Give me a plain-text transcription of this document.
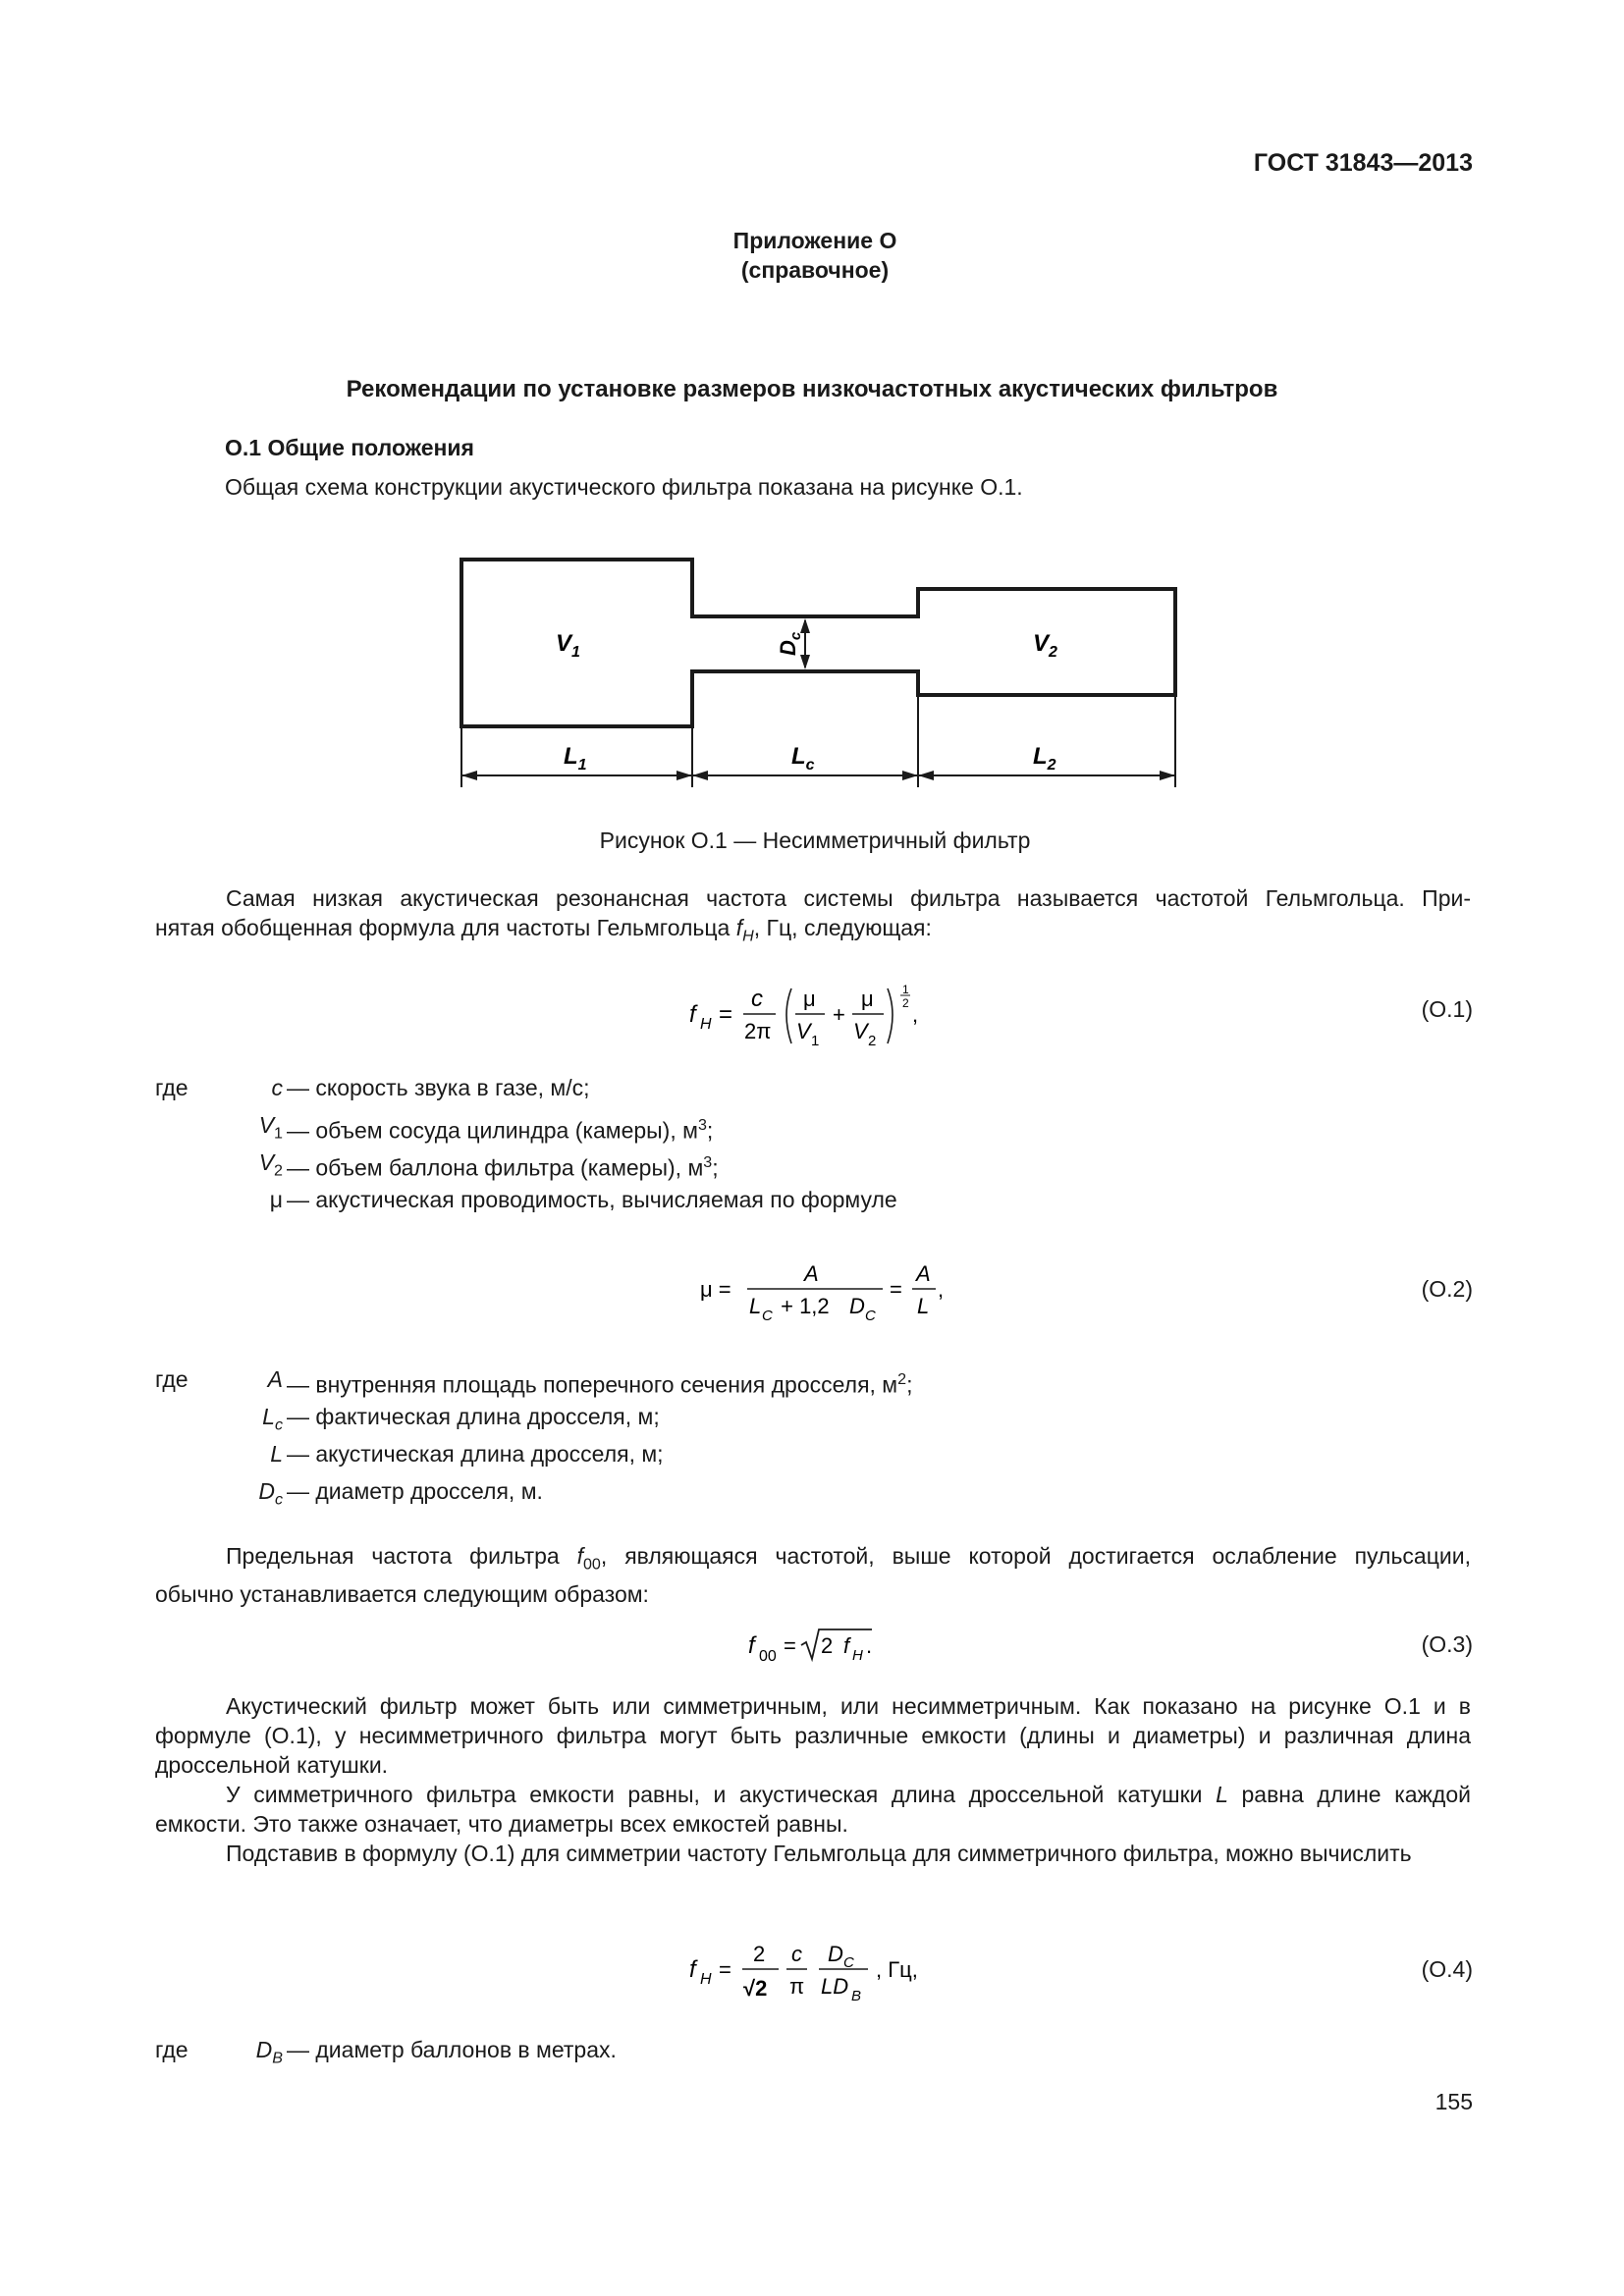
ГОСТ 31843—2013
Приложение О
(справочное)
Рекомендации по установке размеров низкочастотных акустических фильтров
О.1 Общие положения
Общая схема конструкции акустического фильтра показана на рисунке О.1.
$V_1$	$V_2$
$D_c$
$L_1$	$L_c$	$L_2$
Рисунок О.1 — Несимметричный фильтр
Самая низкая акустическая резонансная частота системы фильтра называется частотой Гельмгольца. При-
нятая обобщенная формула для частоты Гельмгольца $f_H$, Гц, следующая:
f H =
c
2π
μ
V 1
+
μ
V 2
1
2 ,	(О.1)
где	c — скорость звука в газе, м/с;
$V_1$ — объем сосуда цилиндра (камеры), $м^3$;
$V_2$ — объем баллона фильтра (камеры), $м^3$;
μ — акустическая проводимость, вычисляемая по формуле
μ =
A
L C + 1,2 D C
=
A
L
,	(О.2)
где	A — внутренняя площадь поперечного сечения дросселя, $м^2$;
$L_c$ — фактическая длина дросселя, м;
L — акустическая длина дросселя, м;
$D_c$ — диаметр дросселя, м.
Предельная частота фильтра $f_{00}$, являющаяся частотой, выше которой достигается ослабление пульсации,
обычно устанавливается следующим образом:
f 00 = 2 f H .	(О.3)
Акустический фильтр может быть или симметричным, или несимметричным. Как показано на рисунке О.1 и в формуле (О.1), у несимметричного фильтра могут быть различные емкости (длины и диаметры) и различная длина дроссельной катушки.
У симметричного фильтра емкости равны, и акустическая длина дроссельной катушки L равна длине каждой емкости. Это также означает, что диаметры всех емкостей равны.
Подставив в формулу (О.1) для симметрии частоту Гельмгольца для симметричного фильтра, можно вычислить
f H =
2
√2
c
π
D C
LD B
, Гц,	(О.4)
где	$D_B$ — диаметр баллонов в метрах.
155
